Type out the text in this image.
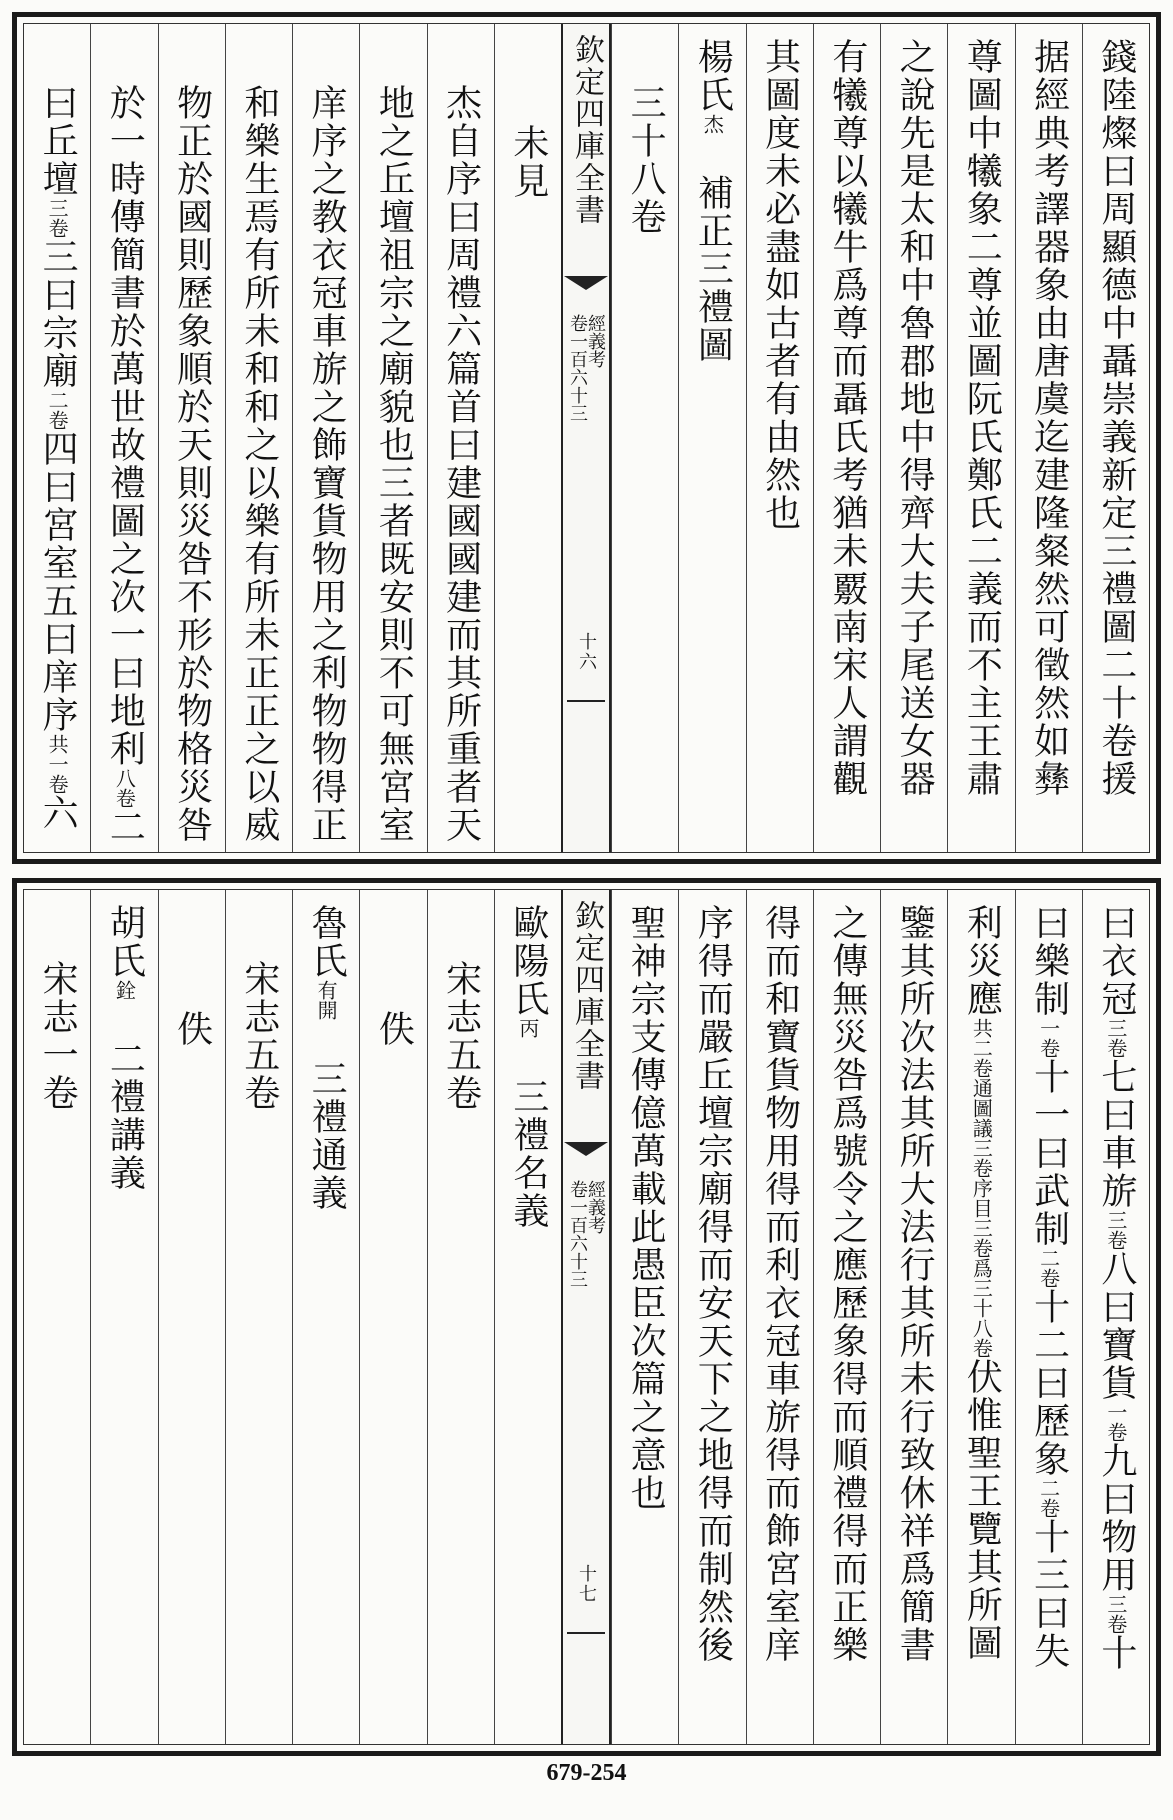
錢陸燦曰周顯德中聶崇義新定三禮圖二十卷援
据經典考譯器象由唐虞迄建隆粲然可徵然如彝
尊圖中犧象二尊並圖阮氏鄭氏二義而不主王肅
之說先是太和中魯郡地中得齊大夫子尾送女器
有犧尊以犧牛爲尊而聶氏考猶未覈南宋人謂觀
其圖度未必盡如古者有由然也
楊氏杰補正三禮圖
三十八卷
欽定四庫全書
經義考
卷一百六十三
十六
未見
杰自序曰周禮六篇首曰建國國建而其所重者天
地之丘壇祖宗之廟貌也三者既安則不可無宮室
庠序之教衣冠車旂之飾寶貨物用之利物物得正
和樂生焉有所未和和之以樂有所未正正之以威
物正於國則歷象順於天則災咎不形於物格災咎
於一時傳簡書於萬世故禮圖之次一曰地利八卷二
曰丘壇三卷三曰宗廟二卷四曰宮室五曰庠序共一卷六
曰衣冠三卷七曰車旂三卷八曰寶貨一卷九曰物用三卷十
曰樂制一卷十一曰武制二卷十二曰歷象二卷十三曰失
利災應共二卷通圖議三卷序目三卷爲三十八卷伏惟聖王覽其所圖
鑒其所次法其所大法行其所未行致休祥爲簡書
之傳無災咎爲號令之應歷象得而順禮得而正樂
得而和寶貨物用得而利衣冠車旂得而飾宮室庠
序得而嚴丘壇宗廟得而安天下之地得而制然後
聖神宗支傳億萬載此愚臣次篇之意也
欽定四庫全書
經義考
卷一百六十三
十七
歐陽氏丙三禮名義
宋志五卷
佚
魯氏有開三禮通義
宋志五卷
佚
胡氏銓二禮講義
宋志一卷
679-254
